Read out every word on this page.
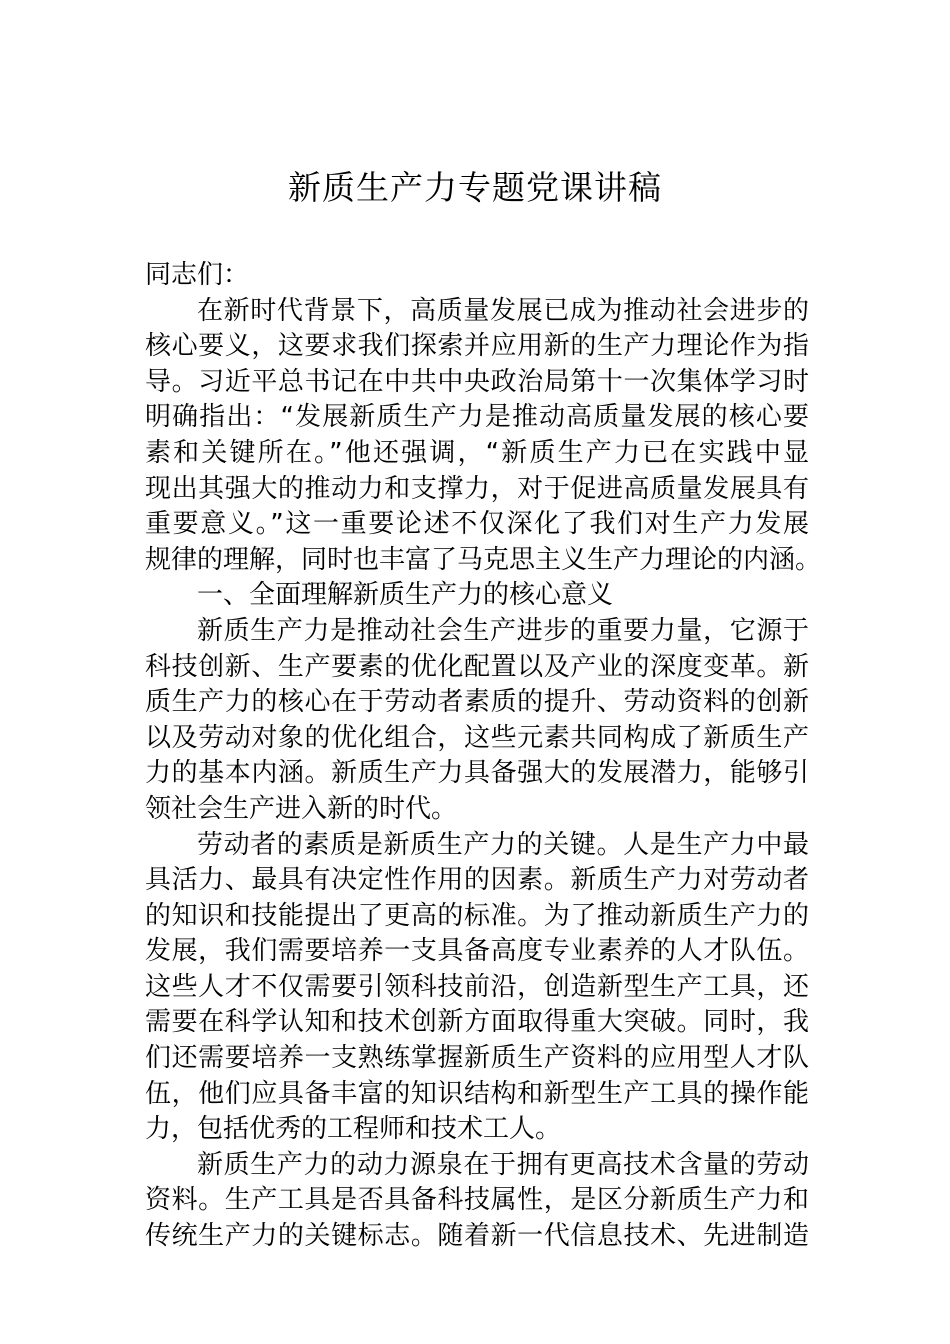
新质生产力专题党课讲稿
同志们：
在新时代背景下，高质量发展已成为推动社会进步的
核心要义，这要求我们探索并应用新的生产力理论作为指
导。习近平总书记在中共中央政治局第十一次集体学习时
明确指出：“发展新质生产力是推动高质量发展的核心要
素和关键所在。”他还强调，“新质生产力已在实践中显
现出其强大的推动力和支撑力，对于促进高质量发展具有
重要意义。”这一重要论述不仅深化了我们对生产力发展
规律的理解，同时也丰富了马克思主义生产力理论的内涵。
一、全面理解新质生产力的核心意义
新质生产力是推动社会生产进步的重要力量，它源于
科技创新、生产要素的优化配置以及产业的深度变革。新
质生产力的核心在于劳动者素质的提升、劳动资料的创新
以及劳动对象的优化组合，这些元素共同构成了新质生产
力的基本内涵。新质生产力具备强大的发展潜力，能够引
领社会生产进入新的时代。
劳动者的素质是新质生产力的关键。人是生产力中最
具活力、最具有决定性作用的因素。新质生产力对劳动者
的知识和技能提出了更高的标准。为了推动新质生产力的
发展，我们需要培养一支具备高度专业素养的人才队伍。
这些人才不仅需要引领科技前沿，创造新型生产工具，还
需要在科学认知和技术创新方面取得重大突破。同时，我
们还需要培养一支熟练掌握新质生产资料的应用型人才队
伍，他们应具备丰富的知识结构和新型生产工具的操作能
力，包括优秀的工程师和技术工人。
新质生产力的动力源泉在于拥有更高技术含量的劳动
资料。生产工具是否具备科技属性，是区分新质生产力和
传统生产力的关键标志。随着新一代信息技术、先进制造
